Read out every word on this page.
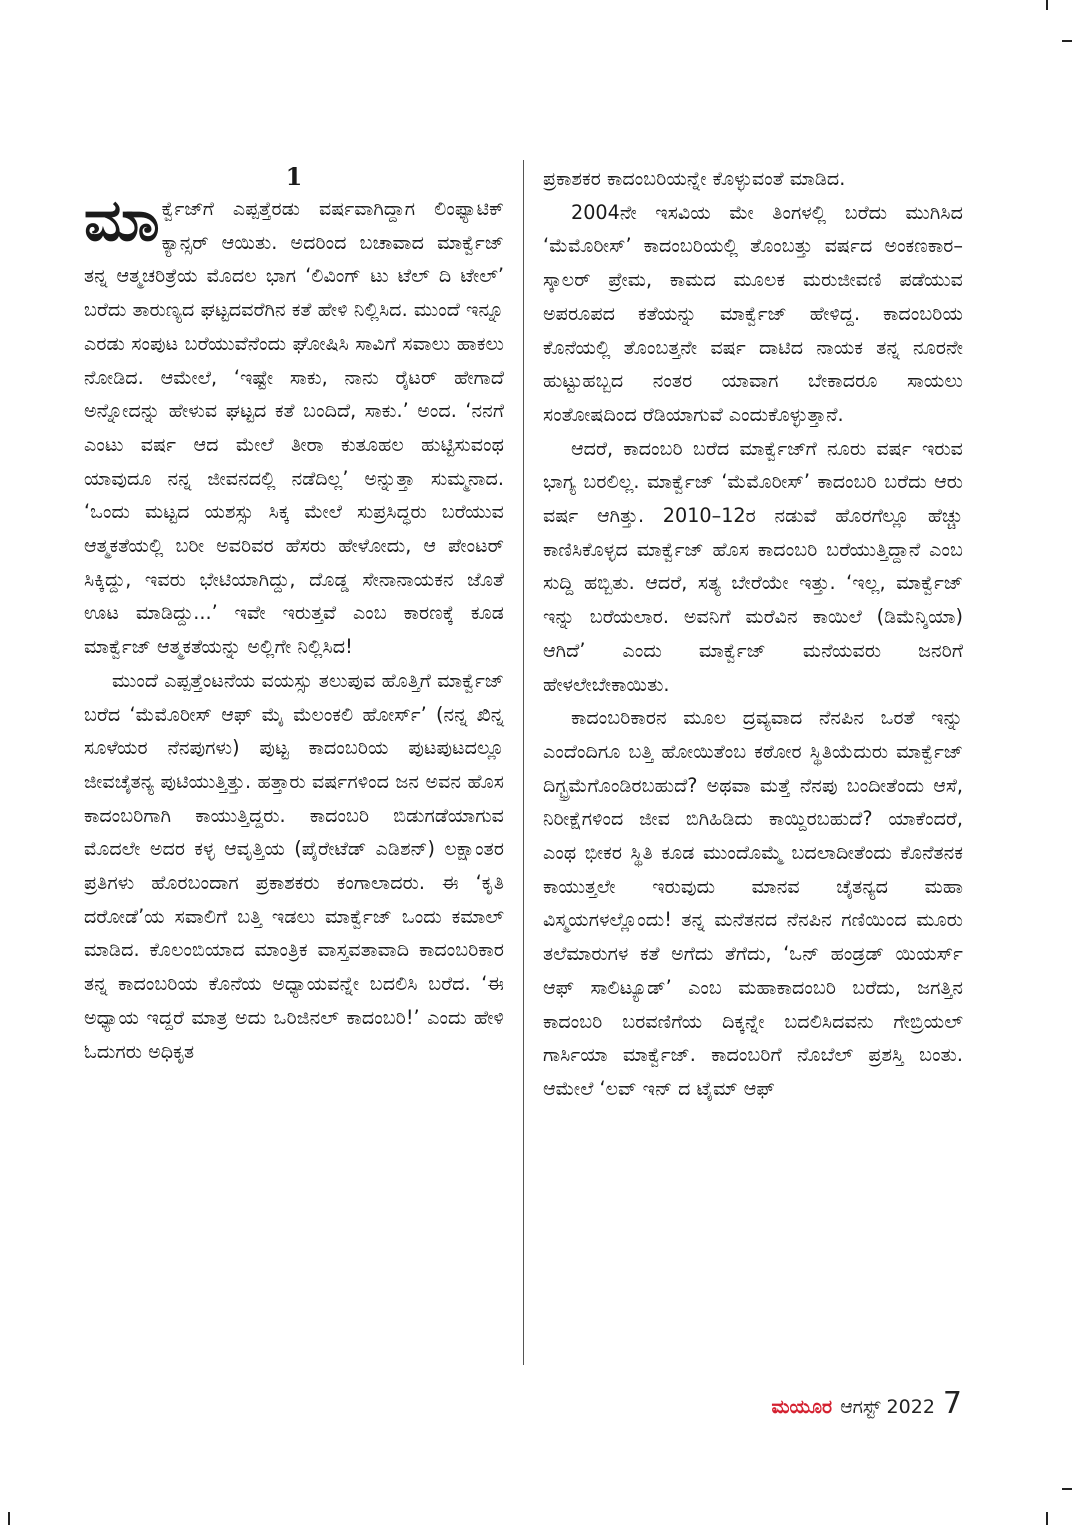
1

ಮಾರ್ಕ್ವೆಜ್‍ಗೆ ಎಪ್ಪತ್ತೆರಡು ವರ್ಷವಾಗಿದ್ದಾಗ ಲಿಂಫ್ಯಾಟಿಕ್ ಕ್ಯಾನ್ಸರ್ ಆಯಿತು. ಅದರಿಂದ ಬಚಾವಾದ ಮಾರ್ಕ್ವೆಜ್ ತನ್ನ ಆತ್ಮಚರಿತ್ರೆಯ ಮೊದಲ ಭಾಗ ‘ಲಿವಿಂಗ್ ಟು ಟೆಲ್ ದಿ ಟೇಲ್’ ಬರೆದು ತಾರುಣ್ಯದ ಘಟ್ಟದವರೆಗಿನ ಕತೆ ಹೇಳಿ ನಿಲ್ಲಿಸಿದ. ಮುಂದೆ ಇನ್ನೂ ಎರಡು ಸಂಪುಟ ಬರೆಯುವೆನೆಂದು ಘೋಷಿಸಿ ಸಾವಿಗೆ ಸವಾಲು ಹಾಕಲು ನೋಡಿದ. ಆಮೇಲೆ, ‘ಇಷ್ಟೇ ಸಾಕು, ನಾನು ರೈಟರ್ ಹೇಗಾದೆ ಅನ್ನೋದನ್ನು ಹೇಳುವ ಘಟ್ಟದ ಕತೆ ಬಂದಿದೆ, ಸಾಕು.’ ಅಂದ. ‘ನನಗೆ ಎಂಟು ವರ್ಷ ಆದ ಮೇಲೆ ತೀರಾ ಕುತೂಹಲ ಹುಟ್ಟಿಸುವಂಥ ಯಾವುದೂ ನನ್ನ ಜೀವನದಲ್ಲಿ ನಡೆದಿಲ್ಲ’ ಅನ್ನುತ್ತಾ ಸುಮ್ಮನಾದ. ‘ಒಂದು ಮಟ್ಟದ ಯಶಸ್ಸು ಸಿಕ್ಕ ಮೇಲೆ ಸುಪ್ರಸಿದ್ಧರು ಬರೆಯುವ ಆತ್ಮಕತೆಯಲ್ಲಿ ಬರೀ ಅವರಿವರ ಹೆಸರು ಹೇಳೋದು, ಆ ಪೇಂಟರ್ ಸಿಕ್ಕಿದ್ದು, ಇವರು ಭೇಟಿಯಾಗಿದ್ದು, ದೊಡ್ಡ ಸೇನಾನಾಯಕನ ಜೊತೆ ಊಟ ಮಾಡಿದ್ದು...’ ಇವೇ ಇರುತ್ತವೆ ಎಂಬ ಕಾರಣಕ್ಕೆ ಕೂಡ ಮಾರ್ಕ್ವೆಜ್ ಆತ್ಮಕತೆಯನ್ನು ಅಲ್ಲಿಗೇ ನಿಲ್ಲಿಸಿದ!

ಮುಂದೆ ಎಪ್ಪತ್ತೆಂಟನೆಯ ವಯಸ್ಸು ತಲುಪುವ ಹೊತ್ತಿಗೆ ಮಾರ್ಕ್ವೆಜ್ ಬರೆದ ‘ಮೆಮೊರೀಸ್ ಆಫ್ ಮೈ ಮೆಲಂಕಲಿ ಹೋರ್ಸ್’ (ನನ್ನ ಖಿನ್ನ ಸೂಳೆಯರ ನೆನಪುಗಳು) ಪುಟ್ಟ ಕಾದಂಬರಿಯ ಪುಟಪುಟದಲ್ಲೂ ಜೀವಚೈತನ್ಯ ಪುಟಿಯುತ್ತಿತ್ತು. ಹತ್ತಾರು ವರ್ಷಗಳಿಂದ ಜನ ಅವನ ಹೊಸ ಕಾದಂಬರಿಗಾಗಿ ಕಾಯುತ್ತಿದ್ದರು. ಕಾದಂಬರಿ ಬಿಡುಗಡೆಯಾಗುವ ಮೊದಲೇ ಅದರ ಕಳ್ಳ ಆವೃತ್ತಿಯ (ಪೈರೇಟೆಡ್ ಎಡಿಶನ್) ಲಕ್ಷಾಂತರ ಪ್ರತಿಗಳು ಹೊರಬಂದಾಗ ಪ್ರಕಾಶಕರು ಕಂಗಾಲಾದರು. ಈ ‘ಕೃತಿ ದರೋಡೆ’ಯ ಸವಾಲಿಗೆ ಬತ್ತಿ ಇಡಲು ಮಾರ್ಕ್ವೆಜ್ ಒಂದು ಕಮಾಲ್ ಮಾಡಿದ. ಕೊಲಂಬಿಯಾದ ಮಾಂತ್ರಿಕ ವಾಸ್ತವತಾವಾದಿ ಕಾದಂಬರಿಕಾರ ತನ್ನ ಕಾದಂಬರಿಯ ಕೊನೆಯ ಅಧ್ಯಾಯವನ್ನೇ ಬದಲಿಸಿ ಬರೆದ. ‘ಈ ಅಧ್ಯಾಯ ಇದ್ದರೆ ಮಾತ್ರ ಅದು ಒರಿಜಿನಲ್ ಕಾದಂಬರಿ!’ ಎಂದು ಹೇಳಿ ಓದುಗರು ಅಧಿಕೃತ

ಪ್ರಕಾಶಕರ ಕಾದಂಬರಿಯನ್ನೇ ಕೊಳ್ಳುವಂತೆ ಮಾಡಿದ.

2004ನೇ ಇಸವಿಯ ಮೇ ತಿಂಗಳಲ್ಲಿ ಬರೆದು ಮುಗಿಸಿದ ‘ಮೆಮೊರೀಸ್’ ಕಾದಂಬರಿಯಲ್ಲಿ ತೊಂಬತ್ತು ವರ್ಷದ ಅಂಕಣಕಾರ–ಸ್ಕಾಲರ್ ಪ್ರೇಮ, ಕಾಮದ ಮೂಲಕ ಮರುಜೀವಣಿ ಪಡೆಯುವ ಅಪರೂಪದ ಕತೆಯನ್ನು ಮಾರ್ಕ್ವೆಜ್ ಹೇಳಿದ್ದ. ಕಾದಂಬರಿಯ ಕೊನೆಯಲ್ಲಿ ತೊಂಬತ್ತನೇ ವರ್ಷ ದಾಟಿದ ನಾಯಕ ತನ್ನ ನೂರನೇ ಹುಟ್ಟುಹಬ್ಬದ ನಂತರ ಯಾವಾಗ ಬೇಕಾದರೂ ಸಾಯಲು ಸಂತೋಷದಿಂದ ರೆಡಿಯಾಗುವೆ ಎಂದುಕೊಳ್ಳುತ್ತಾನೆ.

ಆದರೆ, ಕಾದಂಬರಿ ಬರೆದ ಮಾರ್ಕ್ವೆಜ್‍ಗೆ ನೂರು ವರ್ಷ ಇರುವ ಭಾಗ್ಯ ಬರಲಿಲ್ಲ. ಮಾರ್ಕ್ವೆಜ್ ‘ಮೆಮೊರೀಸ್’ ಕಾದಂಬರಿ ಬರೆದು ಆರು ವರ್ಷ ಆಗಿತ್ತು. 2010–12ರ ನಡುವೆ ಹೊರಗೆಲ್ಲೂ ಹೆಚ್ಚು ಕಾಣಿಸಿಕೊಳ್ಳದ ಮಾರ್ಕ್ವೆಜ್ ಹೊಸ ಕಾದಂಬರಿ ಬರೆಯುತ್ತಿದ್ದಾನೆ ಎಂಬ ಸುದ್ದಿ ಹಬ್ಬಿತು. ಆದರೆ, ಸತ್ಯ ಬೇರೆಯೇ ಇತ್ತು. ‘ಇಲ್ಲ, ಮಾರ್ಕ್ವೆಜ್ ಇನ್ನು ಬರೆಯಲಾರ. ಅವನಿಗೆ ಮರೆವಿನ ಕಾಯಿಲೆ (ಡಿಮೆನ್ಶಿಯಾ) ಆಗಿದೆ’ ಎಂದು ಮಾರ್ಕ್ವೆಜ್ ಮನೆಯವರು ಜನರಿಗೆ ಹೇಳಲೇಬೇಕಾಯಿತು.

ಕಾದಂಬರಿಕಾರನ ಮೂಲ ದ್ರವ್ಯವಾದ ನೆನಪಿನ ಒರತೆ ಇನ್ನು ಎಂದೆಂದಿಗೂ ಬತ್ತಿ ಹೋಯಿತೆಂಬ ಕಠೋರ ಸ್ಥಿತಿಯೆದುರು ಮಾರ್ಕ್ವೆಜ್ ದಿಗ್ಭ್ರಮೆಗೊಂಡಿರಬಹುದೆ? ಅಥವಾ ಮತ್ತೆ ನೆನಪು ಬಂದೀತೆಂದು ಆಸೆ, ನಿರೀಕ್ಷೆಗಳಿಂದ ಜೀವ ಬಿಗಿಹಿಡಿದು ಕಾಯ್ದಿರಬಹುದೆ? ಯಾಕೆಂದರೆ, ಎಂಥ ಭೀಕರ ಸ್ಥಿತಿ ಕೂಡ ಮುಂದೊಮ್ಮೆ ಬದಲಾದೀತೆಂದು ಕೊನೆತನಕ ಕಾಯುತ್ತಲೇ ಇರುವುದು ಮಾನವ ಚೈತನ್ಯದ ಮಹಾ ವಿಸ್ಮಯಗಳಲ್ಲೊಂದು! ತನ್ನ ಮನೆತನದ ನೆನಪಿನ ಗಣಿಯಿಂದ ಮೂರು ತಲೆಮಾರುಗಳ ಕತೆ ಅಗೆದು ತೆಗೆದು, ‘ಒನ್ ಹಂಡ್ರಡ್ ಯಿಯರ್ಸ್ ಆಫ್ ಸಾಲಿಟ್ಯೂಡ್’ ಎಂಬ ಮಹಾಕಾದಂಬರಿ ಬರೆದು, ಜಗತ್ತಿನ ಕಾದಂಬರಿ ಬರವಣಿಗೆಯ ದಿಕ್ಕನ್ನೇ ಬದಲಿಸಿದವನು ಗೇಬ್ರಿಯಲ್ ಗಾರ್ಸಿಯಾ ಮಾರ್ಕ್ವೆಜ್. ಕಾದಂಬರಿಗೆ ನೊಬೆಲ್ ಪ್ರಶಸ್ತಿ ಬಂತು. ಆಮೇಲೆ ‘ಲವ್ ಇನ್ ದ ಟೈಮ್ ಆಫ್

ಮಯೂರ ಆಗಸ್ಟ್ 2022 7
